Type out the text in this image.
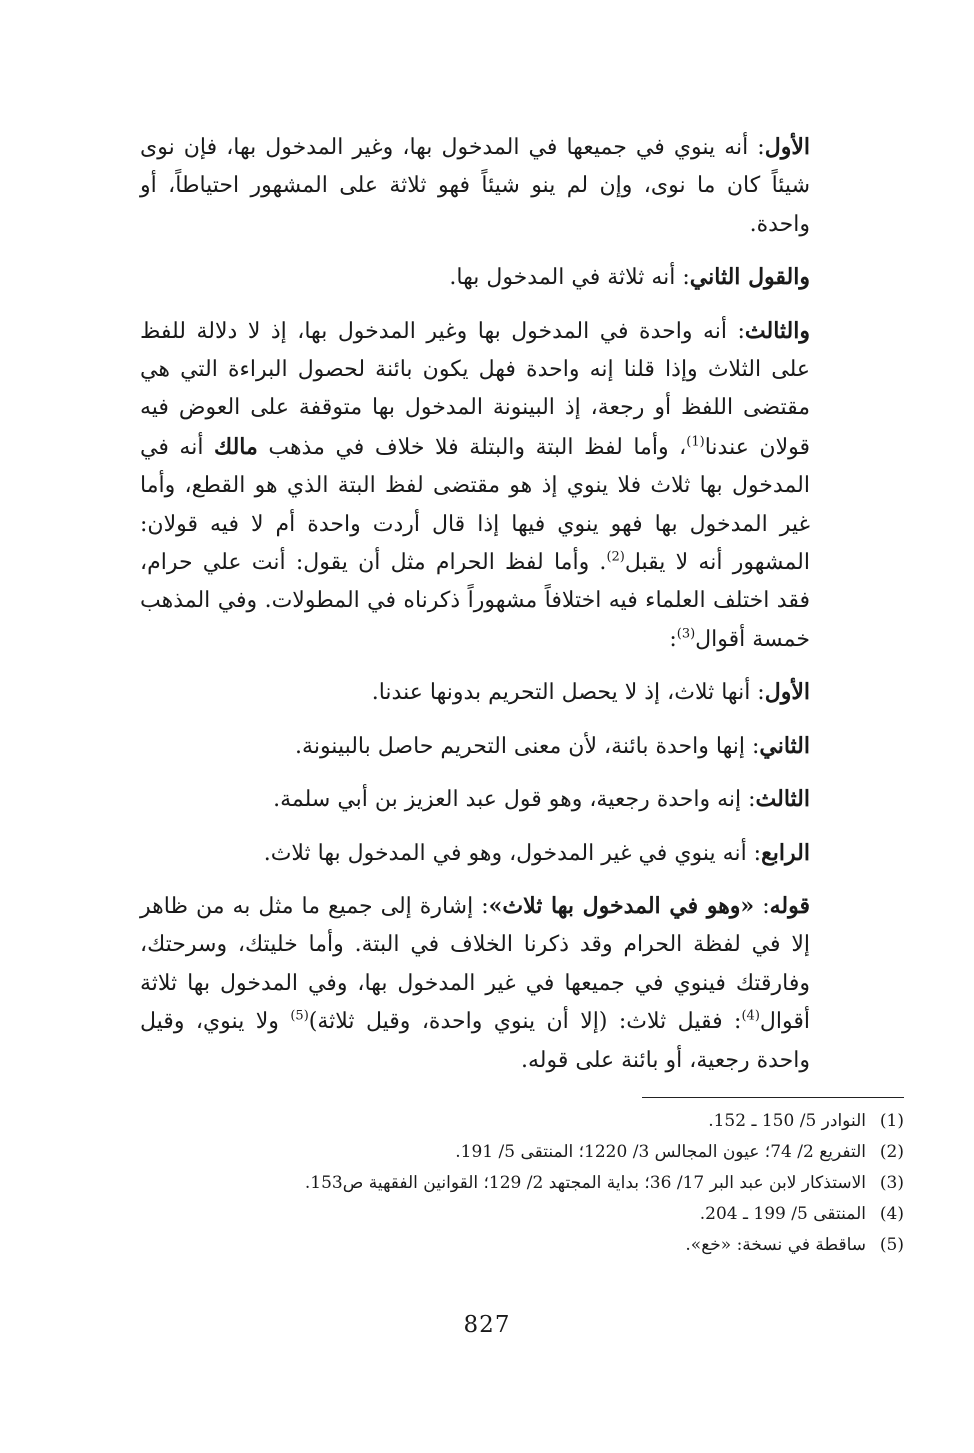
الأول: أنه ينوي في جميعها في المدخول بها، وغير المدخول بها، فإن نوى شيئاً كان ما نوى، وإن لم ينو شيئاً فهو ثلاثة على المشهور احتياطاً، أو واحدة.

والقول الثاني: أنه ثلاثة في المدخول بها.

والثالث: أنه واحدة في المدخول بها وغير المدخول بها، إذ لا دلالة للفظ على الثلاث وإذا قلنا إنه واحدة فهل يكون بائنة لحصول البراءة التي هي مقتضى اللفظ أو رجعة، إذ البينونة المدخول بها متوقفة على العوض فيه قولان عندنا$^{(1)}$، وأما لفظ البتة والبتلة فلا خلاف في مذهب مالك أنه في المدخول بها ثلاث فلا ينوي إذ هو مقتضى لفظ البتة الذي هو القطع، وأما غير المدخول بها فهو ينوي فيها إذا قال أردت واحدة أم لا فيه قولان: المشهور أنه لا يقبل$^{(2)}$. وأما لفظ الحرام مثل أن يقول: أنت علي حرام، فقد اختلف العلماء فيه اختلافاً مشهوراً ذكرناه في المطولات. وفي المذهب خمسة أقوال$^{(3)}$:

الأول: أنها ثلاث، إذ لا يحصل التحريم بدونها عندنا.

الثاني: إنها واحدة بائنة، لأن معنى التحريم حاصل بالبينونة.

الثالث: إنه واحدة رجعية، وهو قول عبد العزيز بن أبي سلمة.

الرابع: أنه ينوي في غير المدخول، وهو في المدخول بها ثلاث.

قوله: «وهو في المدخول بها ثلاث»: إشارة إلى جميع ما مثل به من ظاهر إلا في لفظة الحرام وقد ذكرنا الخلاف في البتة. وأما خليتك، وسرحتك، وفارقتك فينوي في جميعها في غير المدخول بها، وفي المدخول بها ثلاثة أقوال$^{(4)}$: فقيل ثلاث: (إلا أن ينوي واحدة، وقيل ثلاثة)$^{(5)}$ ولا ينوي، وقيل واحدة رجعية، أو بائنة على قوله.

(1)
النوادر 5/ 150 ـ 152.
(2)
التفريع 2/ 74؛ عيون المجالس 3/ 1220؛ المنتقى 5/ 191.
(3)
الاستذكار لابن عبد البر 17/ 36؛ بداية المجتهد 2/ 129؛ القوانين الفقهية ص153.
(4)
المنتقى 5/ 199 ـ 204.
(5)
ساقطة في نسخة: «خع».
827
